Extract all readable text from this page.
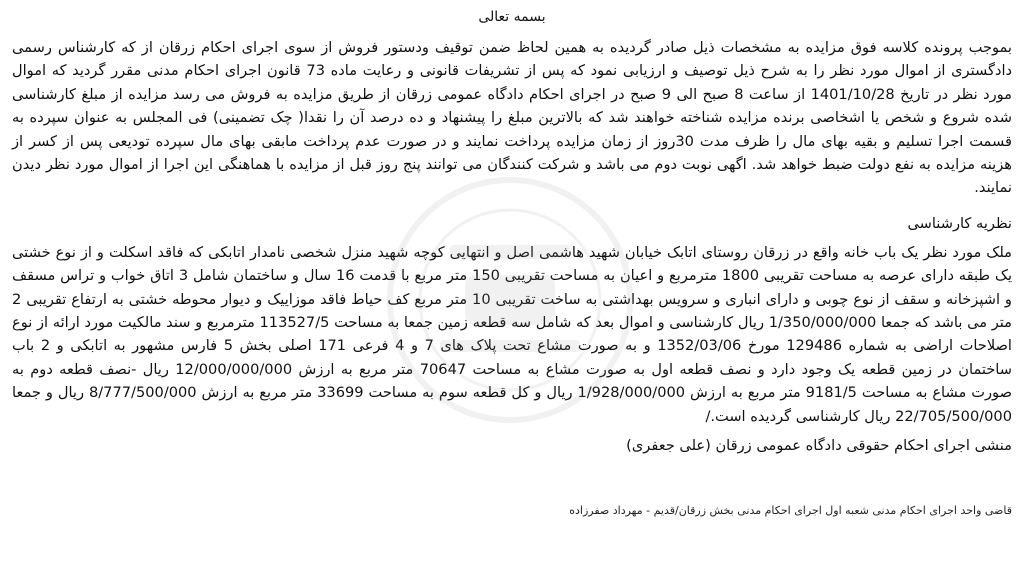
بسمه تعالی

بموجب پرونده کلاسه فوق مزایده به مشخصات ذیل صادر گردیده به همین لحاظ ضمن توقیف ودستور فروش از سوی اجرای احکام زرقان از که کارشناس رسمی دادگستری از اموال مورد نظر را به شرح ذیل توصیف و ارزیابی نمود که پس از تشریفات قانونی و رعایت ماده 73 قانون اجرای احکام مدنی مقرر گردید که اموال مورد نظر در تاریخ 1401/10/28 از ساعت 8 صبح الی 9 صبح در اجرای احکام دادگاه عمومی زرقان از طریق مزایده به فروش می رسد مزایده از مبلغ کارشناسی شده شروع و شخص یا اشخاصی برنده مزایده شناخته خواهند شد که بالاترین مبلغ را پیشنهاد و ده درصد آن را نقدا( چک تضمینی) فی المجلس به عنوان سپرده به قسمت اجرا تسلیم و بقیه بهای مال را ظرف مدت 30روز از زمان مزایده پرداخت نمایند و در صورت عدم پرداخت مابقی بهای مال سپرده تودیعی پس از کسر از هزینه مزایده به نفع دولت ضبط خواهد شد. اگهی نوبت دوم می باشد و شرکت کنندگان می توانند پنج روز قبل از مزایده با هماهنگی این اجرا از اموال مورد نظر دیدن نمایند.

نظریه کارشناسی

ملک مورد نظر یک باب خانه واقع در زرقان روستای اتابک خیابان شهید هاشمی اصل و انتهایی کوچه شهید منزل شخصی نامدار اتابکی که فاقد اسکلت و از نوع خشتی یک طبقه دارای عرصه به مساحت تقریبی 1800 مترمربع و اعیان به مساحت تقریبی 150 متر مربع با قدمت 16 سال و ساختمان شامل 3 اتاق خواب و تراس مسقف و اشپزخانه و سقف از نوع چوبی و دارای انباری و سرویس بهداشتی به ساخت تقریبی 10 متر مربع کف حیاط فاقد موزاییک و دیوار محوطه خشتی به ارتفاع تقریبی 2 متر می باشد که جمعا 1/350/000/000 ریال کارشناسی و اموال بعد که شامل سه قطعه زمین جمعا به مساحت 113527/5 مترمربع و سند مالکیت مورد ارائه از نوع اصلاحات اراضی به شماره 129486 مورخ 1352/03/06 و به صورت مشاع تحت پلاک های 7 و 4 فرعی 171 اصلی بخش 5 فارس مشهور به اتابکی و 2 باب ساختمان در زمین قطعه یک وجود دارد و نصف قطعه اول به صورت مشاع به مساحت 70647 متر مربع به ارزش 12/000/000/000 ریال -نصف قطعه دوم به صورت مشاع به مساحت 9181/5 متر مربع به ارزش 1/928/000/000 ریال و کل قطعه سوم به مساحت 33699 متر مربع به ارزش 8/777/500/000 ریال و جمعا 22/705/500/000 ریال کارشناسی گردیده است./

منشی اجرای احکام حقوقی دادگاه عمومی زرقان (علی جعفری)

قاضی واحد اجرای احکام مدنی شعبه اول اجرای احکام مدنی بخش زرقان/قدیم - مهرداد صفرزاده
